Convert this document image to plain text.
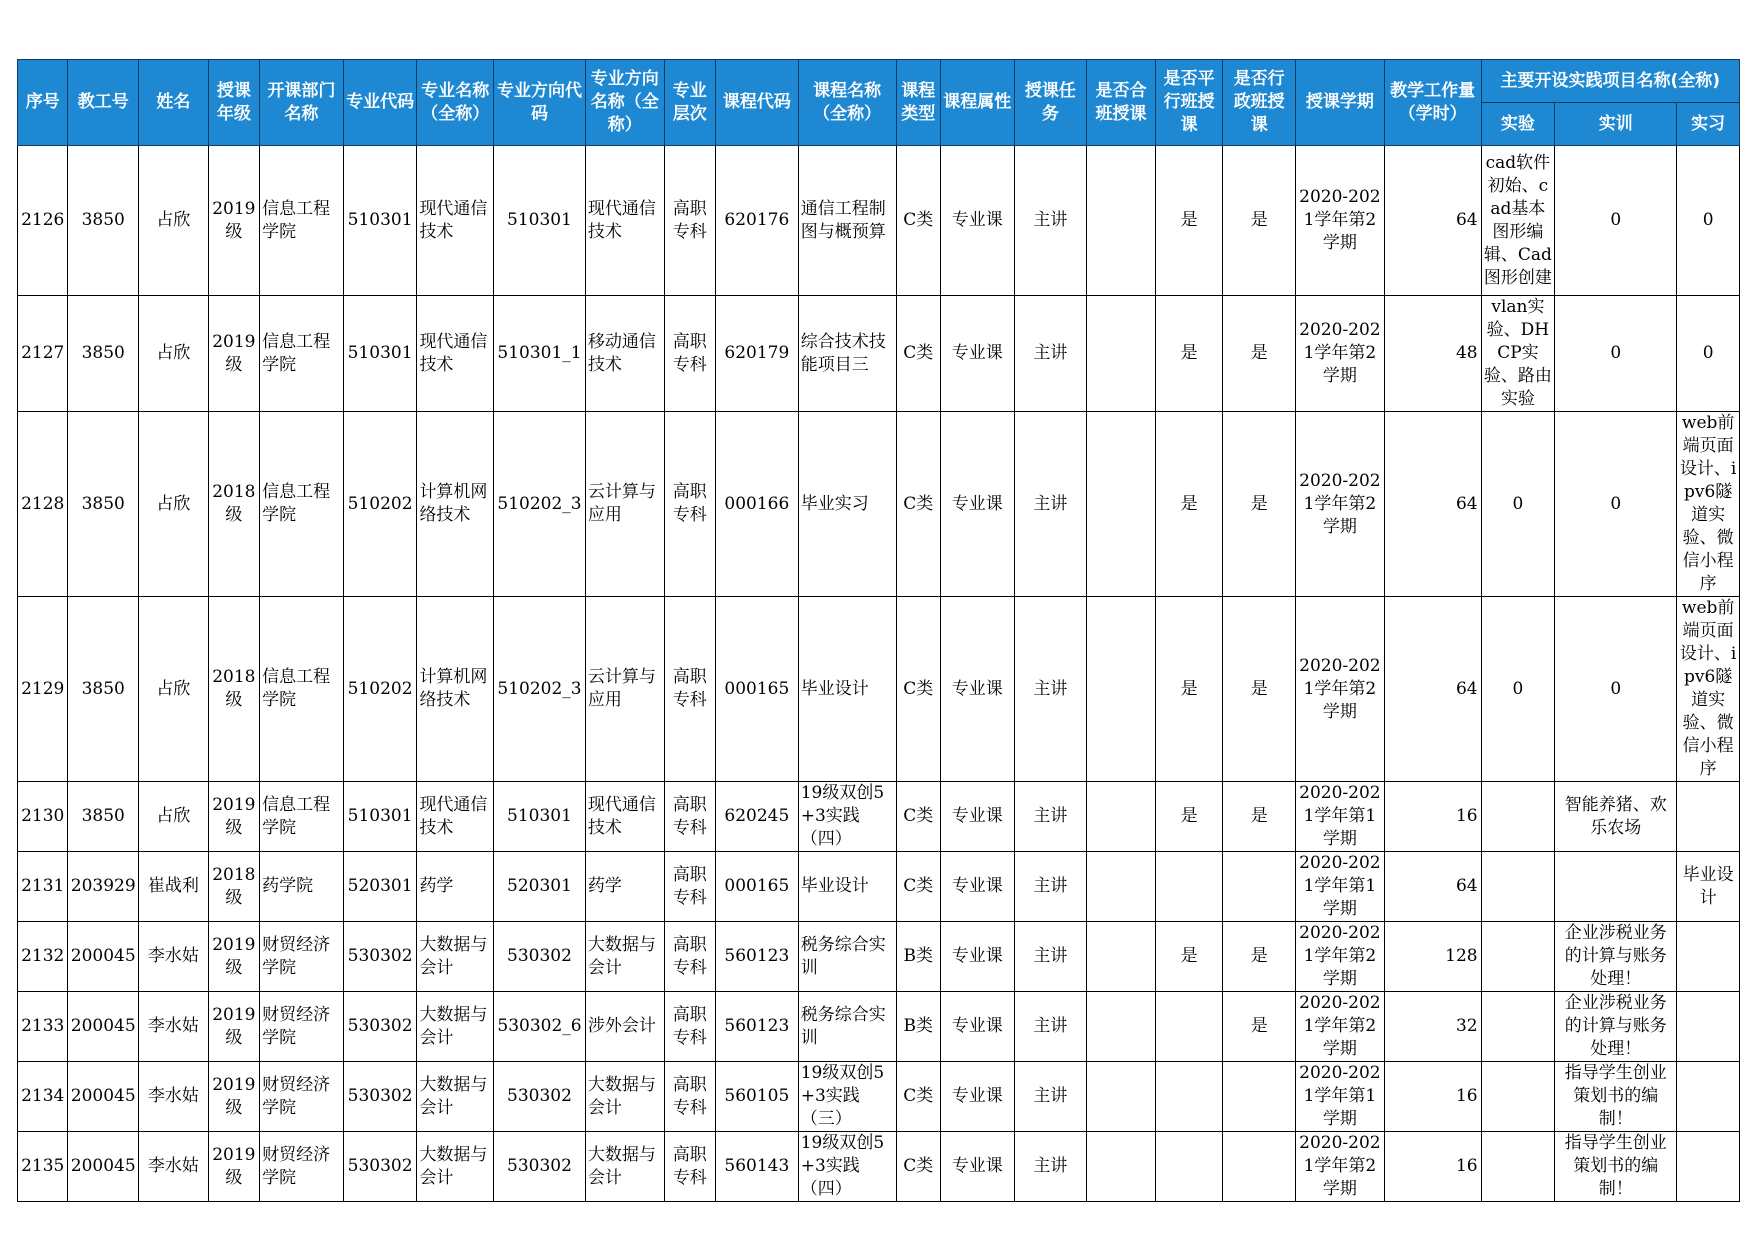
序号	教工号	姓名	授课年级	开课部门名称	专业代码	专业名称（全称）	专业方向代码	专业方向名称（全称）	专业层次	课程代码	课程名称（全称）	课程类型	课程属性	授课任务	是否合班授课	是否平行班授课	是否行政班授课	授课学期	教学工作量（学时）	主要开设实践项目名称(全称)		
																				实验	实训	实习
2126	3850	占欣	2019级	信息工程学院	510301	现代通信技术	510301	现代通信技术	高职专科	620176	通信工程制图与概预算	C类	专业课	主讲		是	是	2020-2021学年第2学期	64	cad软件初始、cad基本图形编辑、Cad图形创建	0	0
2127	3850	占欣	2019级	信息工程学院	510301	现代通信技术	510301_1	移动通信技术	高职专科	620179	综合技术技能项目三	C类	专业课	主讲		是	是	2020-2021学年第2学期	48	vlan实验、DHCP实验、路由实验	0	0
2128	3850	占欣	2018级	信息工程学院	510202	计算机网络技术	510202_3	云计算与应用	高职专科	000166	毕业实习	C类	专业课	主讲		是	是	2020-2021学年第2学期	64	0	0	web前端页面设计、ipv6隧道实验、微信小程序
2129	3850	占欣	2018级	信息工程学院	510202	计算机网络技术	510202_3	云计算与应用	高职专科	000165	毕业设计	C类	专业课	主讲		是	是	2020-2021学年第2学期	64	0	0	web前端页面设计、ipv6隧道实验、微信小程序
2130	3850	占欣	2019级	信息工程学院	510301	现代通信技术	510301	现代通信技术	高职专科	620245	19级双创5+3实践（四）	C类	专业课	主讲		是	是	2020-2021学年第1学期	16		智能养猪、欢乐农场	
2131	203929	崔战利	2018级	药学院	520301	药学	520301	药学	高职专科	000165	毕业设计	C类	专业课	主讲				2020-2021学年第1学期	64			毕业设计
2132	200045	李水姑	2019级	财贸经济学院	530302	大数据与会计	530302	大数据与会计	高职专科	560123	税务综合实训	B类	专业课	主讲		是	是	2020-2021学年第2学期	128		企业涉税业务的计算与账务处理！	
2133	200045	李水姑	2019级	财贸经济学院	530302	大数据与会计	530302_6	涉外会计	高职专科	560123	税务综合实训	B类	专业课	主讲			是	2020-2021学年第2学期	32		企业涉税业务的计算与账务处理！	
2134	200045	李水姑	2019级	财贸经济学院	530302	大数据与会计	530302	大数据与会计	高职专科	560105	19级双创5+3实践（三）	C类	专业课	主讲				2020-2021学年第1学期	16		指导学生创业策划书的编制！	
2135	200045	李水姑	2019级	财贸经济学院	530302	大数据与会计	530302	大数据与会计	高职专科	560143	19级双创5+3实践（四）	C类	专业课	主讲				2020-2021学年第2学期	16		指导学生创业策划书的编制！	
